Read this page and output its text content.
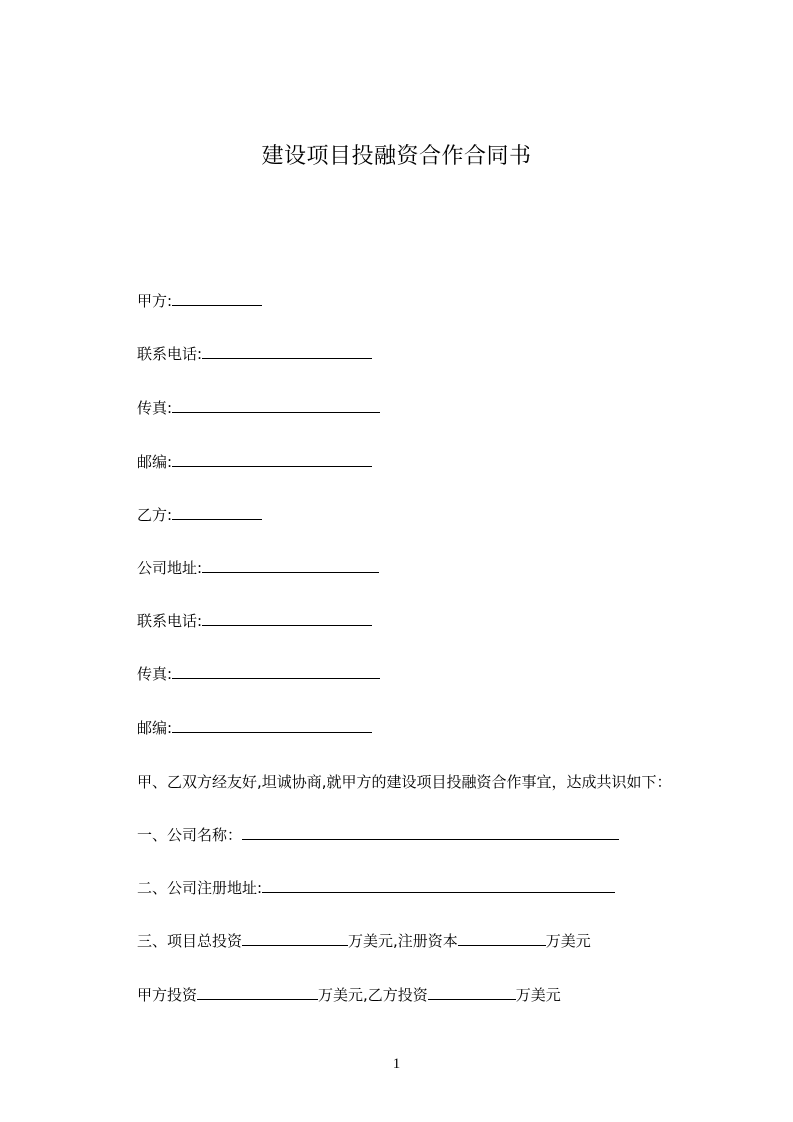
建设项目投融资合作合同书
甲方:
联系电话:
传真:
邮编:
乙方:
公司地址:
联系电话:
传真:
邮编:
甲、乙双方经友好,坦诚协商,就甲方的建设项目投融资合作事宜，达成共识如下：
一、公司名称：
二、公司注册地址:
三、项目总投资	万美元,注册资本	万美元
甲方投资	万美元,乙方投资	万美元
1
